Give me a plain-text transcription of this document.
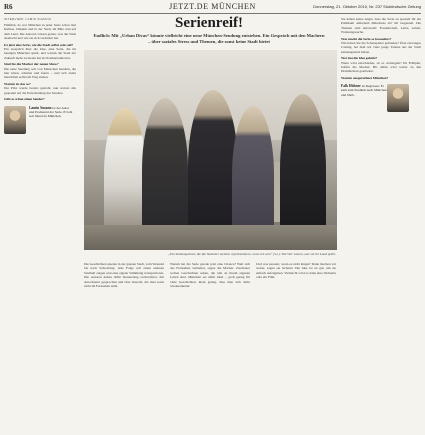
R6	JETZT.DE MÜNCHEN	Donnerstag, 21. Oktober 2010, Nr. 237 Süddeutsche Zeitung
INTERVIEW: LAMIN SUZANU

Fünfmal, da war München in jeder Serie schon mal Kulisse. Daheim und in der Stadt, im Büro und auf dem Land. Die Autoren wissen genau, was die Stadt ausmacht und wie sie sich verändert hat.

Ist jetzt eine Serie, wie die Stadt selbst sein soll?

Ein Gespräch über die Idee, eine Serie, die im heutigen München spielt, und warum die Stadt der Zukunft mehr zu bieten hat als Postkartenmotive.

Sind Sie die Macher der neuen Show?

Die neue Sendung soll von Menschen handeln, die hier leben, arbeiten und feiern – und sich dabei manchmal selbst im Weg stehen.

Warum ist das so?

Der Pilot wurde bereits gedreht, nun warten alle gespannt auf die Entscheidung des Senders.

Gibt es schon einen Sender?

Lamin Suzanu ist der Autor und Produzent der Serie. Er lebt seit Jahren in München.
Serienreif!
Endlich: Mit „Urban Divas“ könnte vielleicht eine neue München-Sendung entstehen. Ein Gespräch mit den Machern – über soziales Stress und Themen, die sonst keine Stadt bietet
„Ein Sendungsbuch, die die Stadt der meisten repräsentieren, muss ich sein“ (v.l.): Die Vier wissen, was sie ihr Land spielt.

Die Geschichten spielen in der ganzen Stadt, vom Westend bis nach Schwabing. Jede Folge soll einen anderen Stadtteil zeigen und eine eigene Stimmung transportieren. Die Autoren haben dafür monatelang recherchiert, mit Anwohnern gesprochen und Orte besucht, die man sonst nicht im Fernsehen sieht.

Warum hat die Serie gerade jetzt eine Chance? Weil sich das Fernsehen verändert, sagen die Macher. Zuschauer wollen Geschichten sehen, die nah an ihrem eigenen Leben sind. München sei dafür ideal – groß genug für viele Geschichten, klein genug, dass man sich darin wiedererkennt.

Und was passiert, wenn es nicht klappt? Dann machen wir weiter, sagen sie lachend. Die Idee ist zu gut, um sie einfach aufzugeben. Vielleicht wird es dann eine Webserie oder ein Film.

Sie haben keine Angst, dass die Serie zu speziell für ein Publikum außerhalb Münchens ist? Im Gegenteil. Die Themen sind universell: Freundschaft, Liebe, Arbeit, Wohnungssuche.

Was macht die Serie so besonders?

Wie haben Sie die Schauspieler gefunden? Über ein langes Casting, bei dem wir viele junge Talente aus der Stadt kennengelernt haben.

Wer hat die Idee gehabt?

Wann wird entschieden, ob es weitergeht? Im Frühjahr, hoffen die Macher. Bis dahin wird weiter an den Drehbüchern gearbeitet.

Warum ausgerechnet München?

Falk Hübner ist Regisseur. Er kam zum Studium nach München und blieb.
